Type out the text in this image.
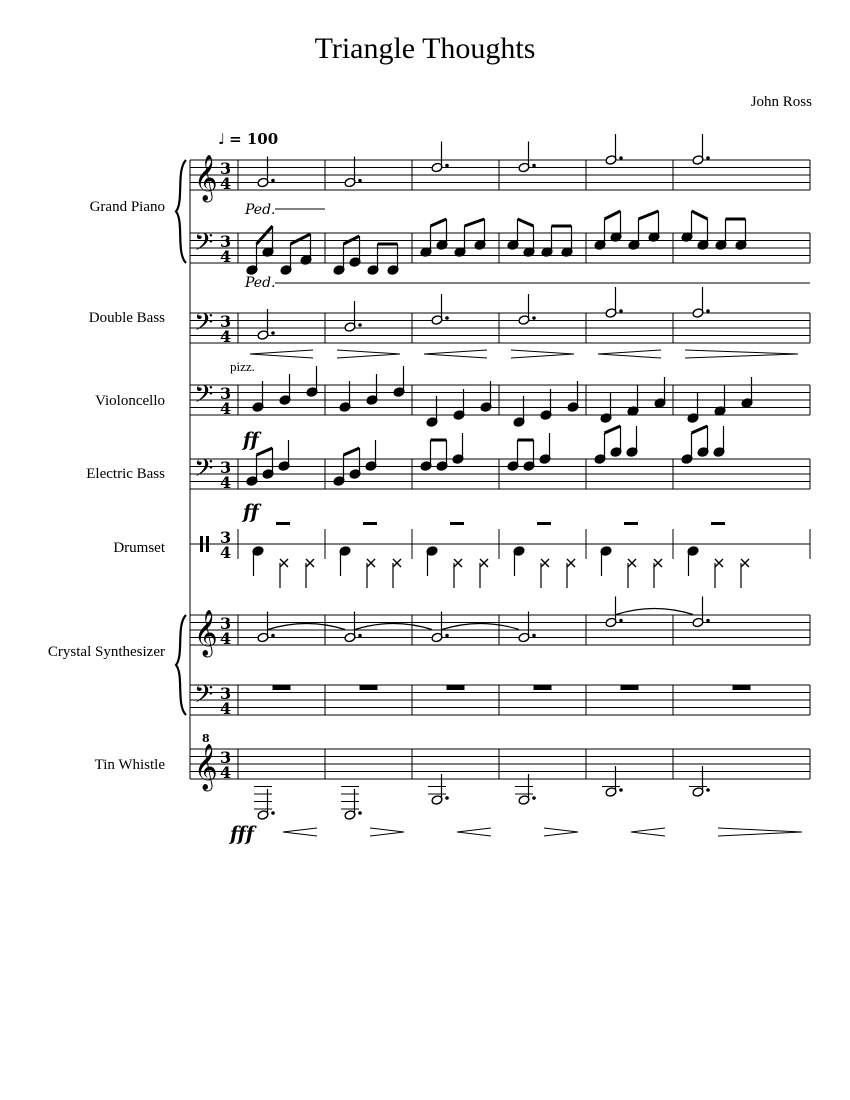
Triangle Thoughts
John Ross
Grand Piano
Double Bass
Violoncello
Electric Bass
Drumset
Crystal Synthesizer
Tin Whistle
𝄞 3
4
𝄢 3
4
𝄢 3
4
𝄢 3
4
𝄢 3
4
3
4
𝄞 3
4
𝄢 3
4
𝄞 3
4
♩ = 100
Ped.
Ped.
pizz.
ff
ff
fff
8
